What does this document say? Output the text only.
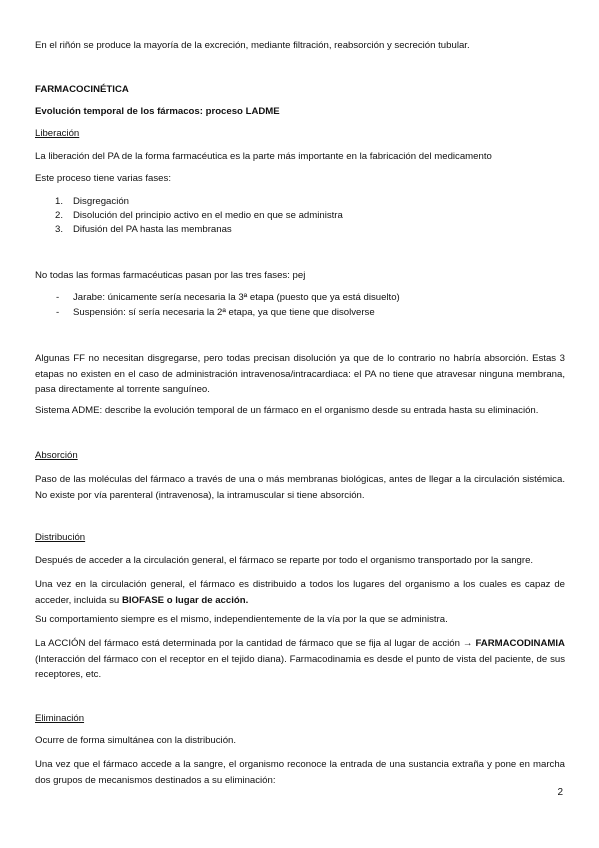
En el riñón se produce la mayoría de la excreción, mediante filtración, reabsorción y secreción tubular.

FARMACOCINÉTICA

Evolución temporal de los fármacos: proceso LADME

Liberación

La liberación del PA de la forma farmacéutica es la parte más importante en la fabricación del medicamento

Este proceso tiene varias fases:

1. Disgregación
2. Disolución del principio activo en el medio en que se administra
3. Difusión del PA hasta las membranas

No todas las formas farmacéuticas pasan por las tres fases: pej

- Jarabe: únicamente sería necesaria la 3ª etapa (puesto que ya está disuelto)
- Suspensión: sí sería necesaria la 2ª etapa, ya que tiene que disolverse

Algunas FF no necesitan disgregarse, pero todas precisan disolución ya que de lo contrario no habría absorción. Estas 3 etapas no existen en el caso de administración intravenosa/intracardiaca: el PA no tiene que atravesar ninguna membrana, pasa directamente al torrente sanguíneo.

Sistema ADME: describe la evolución temporal de un fármaco en el organismo desde su entrada hasta su eliminación.

Absorción

Paso de las moléculas del fármaco a través de una o más membranas biológicas, antes de llegar a la circulación sistémica. No existe por vía parenteral (intravenosa), la intramuscular si tiene absorción.

Distribución

Después de acceder a la circulación general, el fármaco se reparte por todo el organismo transportado por la sangre.

Una vez en la circulación general, el fármaco es distribuido a todos los lugares del organismo a los cuales es capaz de acceder, incluida su BIOFASE o lugar de acción.

Su comportamiento siempre es el mismo, independientemente de la vía por la que se administra.

La ACCIÓN del fármaco está determinada por la cantidad de fármaco que se fija al lugar de acción → FARMACODINAMIA (Interacción del fármaco con el receptor en el tejido diana). Farmacodinamia es desde el punto de vista del paciente, de sus receptores, etc.

Eliminación

Ocurre de forma simultánea con la distribución.

Una vez que el fármaco accede a la sangre, el organismo reconoce la entrada de una sustancia extraña y pone en marcha dos grupos de mecanismos destinados a su eliminación:

2
